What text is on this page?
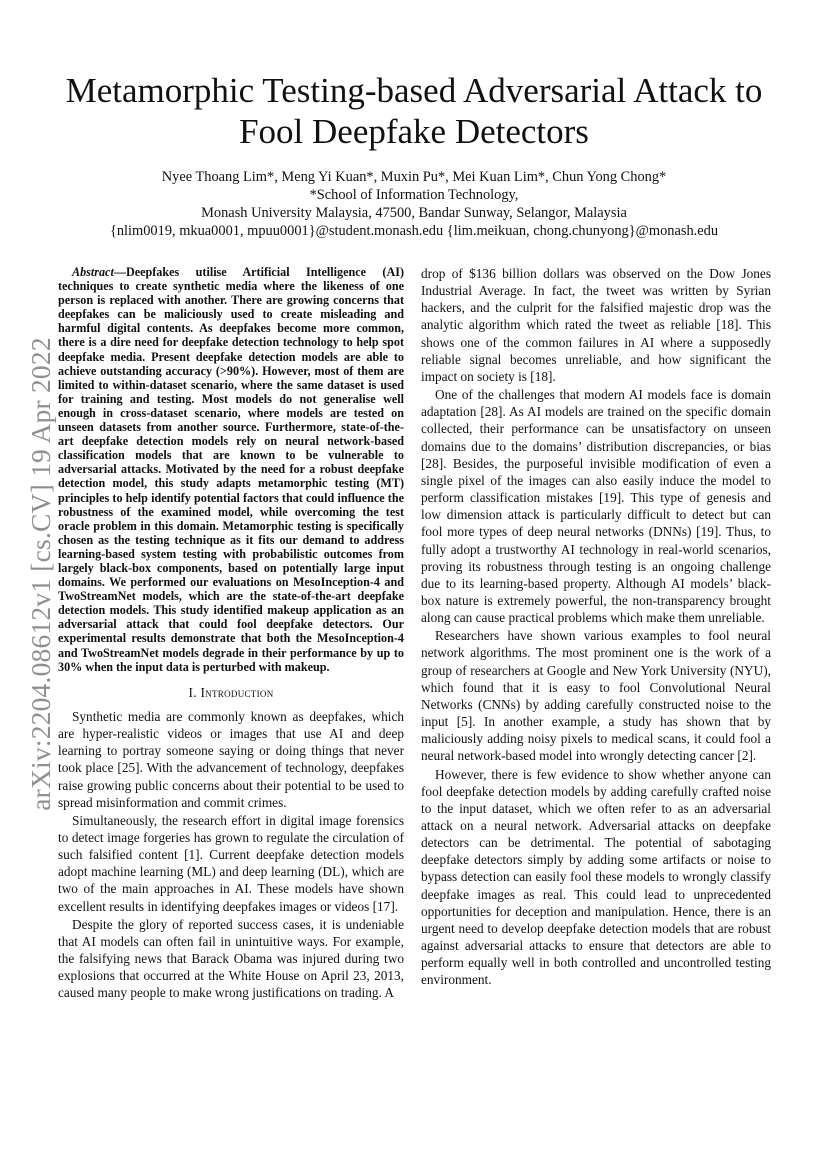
arXiv:2204.08612v1 [cs.CV] 19 Apr 2022
Metamorphic Testing-based Adversarial Attack to
Fool Deepfake Detectors
Nyee Thoang Lim*, Meng Yi Kuan*, Muxin Pu*, Mei Kuan Lim*, Chun Yong Chong*
*School of Information Technology,
Monash University Malaysia, 47500, Bandar Sunway, Selangor, Malaysia
{nlim0019, mkua0001, mpuu0001}@student.monash.edu {lim.meikuan, chong.chunyong}@monash.edu

Abstract—Deepfakes utilise Artificial Intelligence (AI) techniques to create synthetic media where the likeness of one person is replaced with another. There are growing concerns that deepfakes can be maliciously used to create misleading and harmful digital contents. As deepfakes become more common, there is a dire need for deepfake detection technology to help spot deepfake media. Present deepfake detection models are able to achieve outstanding accuracy (>90%). However, most of them are limited to within-dataset scenario, where the same dataset is used for training and testing. Most models do not generalise well enough in cross-dataset scenario, where models are tested on unseen datasets from another source. Furthermore, state-of-the-art deepfake detection models rely on neural network-based classification models that are known to be vulnerable to adversarial attacks. Motivated by the need for a robust deepfake detection model, this study adapts metamorphic testing (MT) principles to help identify potential factors that could influence the robustness of the examined model, while overcoming the test oracle problem in this domain. Metamorphic testing is specifically chosen as the testing technique as it fits our demand to address learning-based system testing with probabilistic outcomes from largely black-box components, based on potentially large input domains. We performed our evaluations on MesoInception-4 and TwoStreamNet models, which are the state-of-the-art deepfake detection models. This study identified makeup application as an adversarial attack that could fool deepfake detectors. Our experimental results demonstrate that both the MesoInception-4 and TwoStreamNet models degrade in their performance by up to 30% when the input data is perturbed with makeup.

I. Introduction

Synthetic media are commonly known as deepfakes, which are hyper-realistic videos or images that use AI and deep learning to portray someone saying or doing things that never took place [25]. With the advancement of technology, deepfakes raise growing public concerns about their potential to be used to spread misinformation and commit crimes.

Simultaneously, the research effort in digital image forensics to detect image forgeries has grown to regulate the circulation of such falsified content [1]. Current deepfake detection models adopt machine learning (ML) and deep learning (DL), which are two of the main approaches in AI. These models have shown excellent results in identifying deepfakes images or videos [17].

Despite the glory of reported success cases, it is undeniable that AI models can often fail in unintuitive ways. For example, the falsifying news that Barack Obama was injured during two explosions that occurred at the White House on April 23, 2013, caused many people to make wrong justifications on trading. A

drop of $136 billion dollars was observed on the Dow Jones Industrial Average. In fact, the tweet was written by Syrian hackers, and the culprit for the falsified majestic drop was the analytic algorithm which rated the tweet as reliable [18]. This shows one of the common failures in AI where a supposedly reliable signal becomes unreliable, and how significant the impact on society is [18].

One of the challenges that modern AI models face is domain adaptation [28]. As AI models are trained on the specific domain collected, their performance can be unsatisfactory on unseen domains due to the domains’ distribution discrepancies, or bias [28]. Besides, the purposeful invisible modification of even a single pixel of the images can also easily induce the model to perform classification mistakes [19]. This type of genesis and low dimension attack is particularly difficult to detect but can fool more types of deep neural networks (DNNs) [19]. Thus, to fully adopt a trustworthy AI technology in real-world scenarios, proving its robustness through testing is an ongoing challenge due to its learning-based property. Although AI models’ black-box nature is extremely powerful, the non-transparency brought along can cause practical problems which make them unreliable.

Researchers have shown various examples to fool neural network algorithms. The most prominent one is the work of a group of researchers at Google and New York University (NYU), which found that it is easy to fool Convolutional Neural Networks (CNNs) by adding carefully constructed noise to the input [5]. In another example, a study has shown that by maliciously adding noisy pixels to medical scans, it could fool a neural network-based model into wrongly detecting cancer [2].

However, there is few evidence to show whether anyone can fool deepfake detection models by adding carefully crafted noise to the input dataset, which we often refer to as an adversarial attack on a neural network. Adversarial attacks on deepfake detectors can be detrimental. The potential of sabotaging deepfake detectors simply by adding some artifacts or noise to bypass detection can easily fool these models to wrongly classify deepfake images as real. This could lead to unprecedented opportunities for deception and manipulation. Hence, there is an urgent need to develop deepfake detection models that are robust against adversarial attacks to ensure that detectors are able to perform equally well in both controlled and uncontrolled testing environment.
